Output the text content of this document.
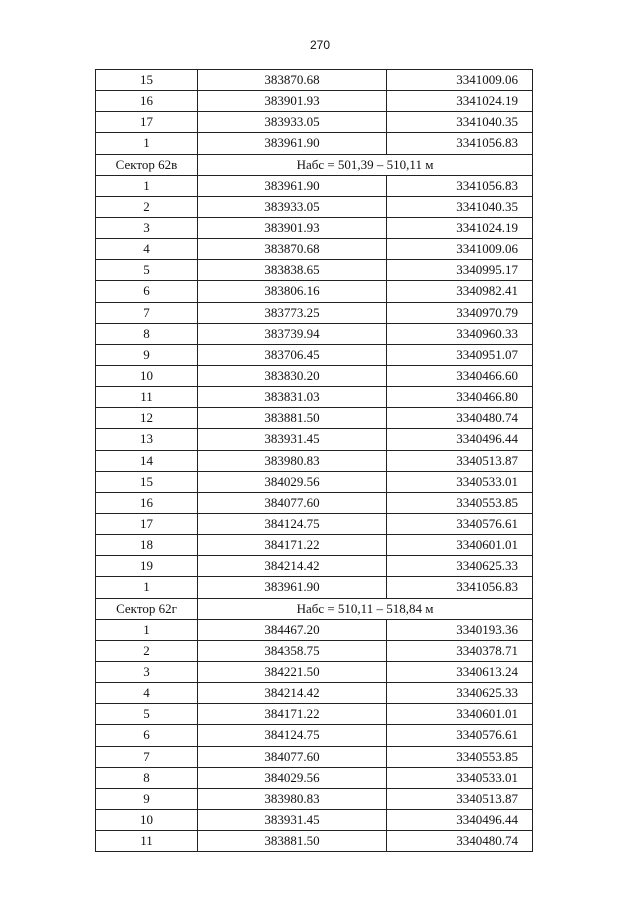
270
15	383870.68	3341009.06
16	383901.93	3341024.19
17	383933.05	3341040.35
1	383961.90	3341056.83
Сектор 62в	Набс = 501,39 – 510,11 м	
1	383961.90	3341056.83
2	383933.05	3341040.35
3	383901.93	3341024.19
4	383870.68	3341009.06
5	383838.65	3340995.17
6	383806.16	3340982.41
7	383773.25	3340970.79
8	383739.94	3340960.33
9	383706.45	3340951.07
10	383830.20	3340466.60
11	383831.03	3340466.80
12	383881.50	3340480.74
13	383931.45	3340496.44
14	383980.83	3340513.87
15	384029.56	3340533.01
16	384077.60	3340553.85
17	384124.75	3340576.61
18	384171.22	3340601.01
19	384214.42	3340625.33
1	383961.90	3341056.83
Сектор 62г	Набс = 510,11 – 518,84 м	
1	384467.20	3340193.36
2	384358.75	3340378.71
3	384221.50	3340613.24
4	384214.42	3340625.33
5	384171.22	3340601.01
6	384124.75	3340576.61
7	384077.60	3340553.85
8	384029.56	3340533.01
9	383980.83	3340513.87
10	383931.45	3340496.44
11	383881.50	3340480.74
